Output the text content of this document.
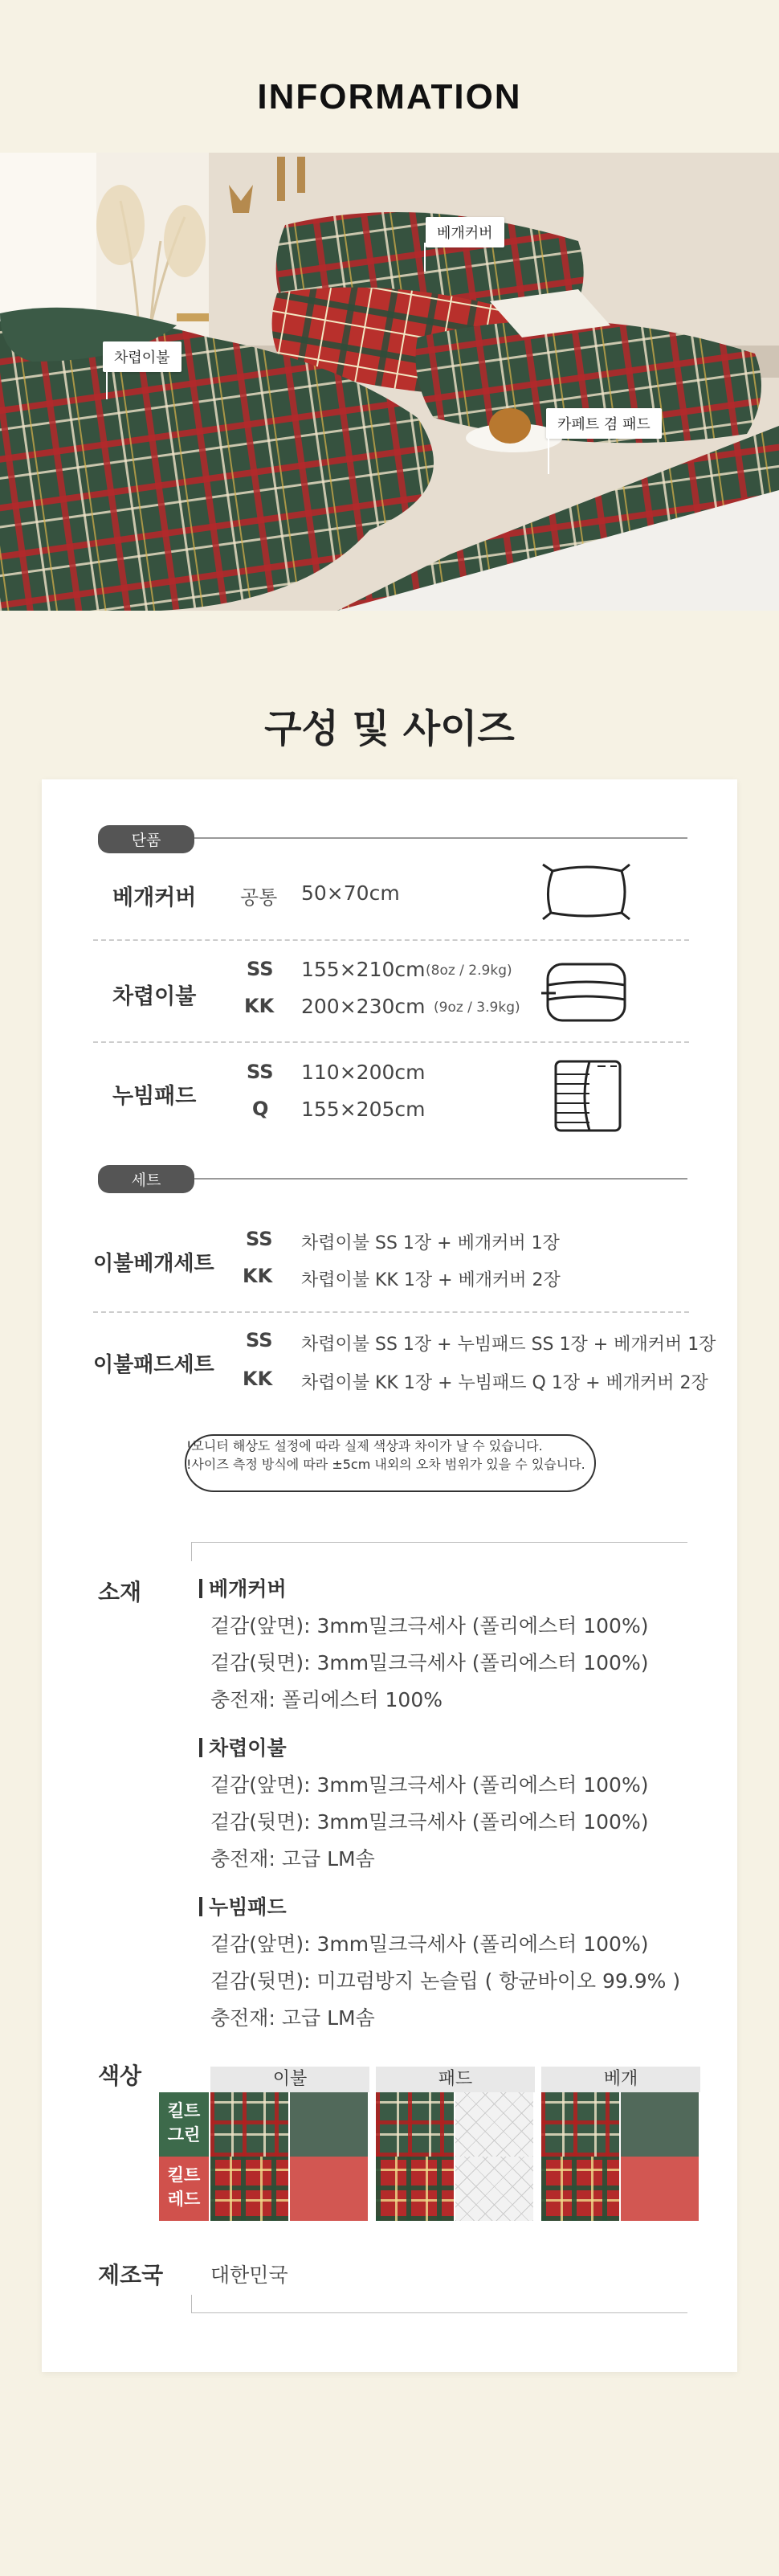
INFORMATION
베개커버
차렵이불
카페트 겸 패드
구성 및 사이즈
단품
베개커버 공통 50×70cm
차렵이불
SS 155×210cm (8oz / 2.9kg)
KK 200×230cm (9oz / 3.9kg)
누빔패드
SS 110×200cm
Q 155×205cm
세트
이불베개세트
SS 차렵이불 SS 1장 + 베개커버 1장
KK 차렵이불 KK 1장 + 베개커버 2장
이불패드세트
SS 차렵이불 SS 1장 + 누빔패드 SS 1장 + 베개커버 1장
KK 차렵이불 KK 1장 + 누빔패드 Q 1장 + 베개커버 2장
!모니터 해상도 설정에 따라 실제 색상과 차이가 날 수 있습니다.
!사이즈 측정 방식에 따라 ±5cm 내외의 오차 범위가 있을 수 있습니다.
소재	베개커버
겉감(앞면): 3mm밀크극세사 (폴리에스터 100%)
겉감(뒷면): 3mm밀크극세사 (폴리에스터 100%)
충전재: 폴리에스터 100%
차렵이불
겉감(앞면): 3mm밀크극세사 (폴리에스터 100%)
겉감(뒷면): 3mm밀크극세사 (폴리에스터 100%)
충전재: 고급 LM솜
누빔패드
겉감(앞면): 3mm밀크극세사 (폴리에스터 100%)
겉감(뒷면): 미끄럼방지 논슬립 ( 항균바이오 99.9% )
충전재: 고급 LM솜
색상	이불	패드	베개
킬트
그린
킬트
레드
제조국 대한민국
